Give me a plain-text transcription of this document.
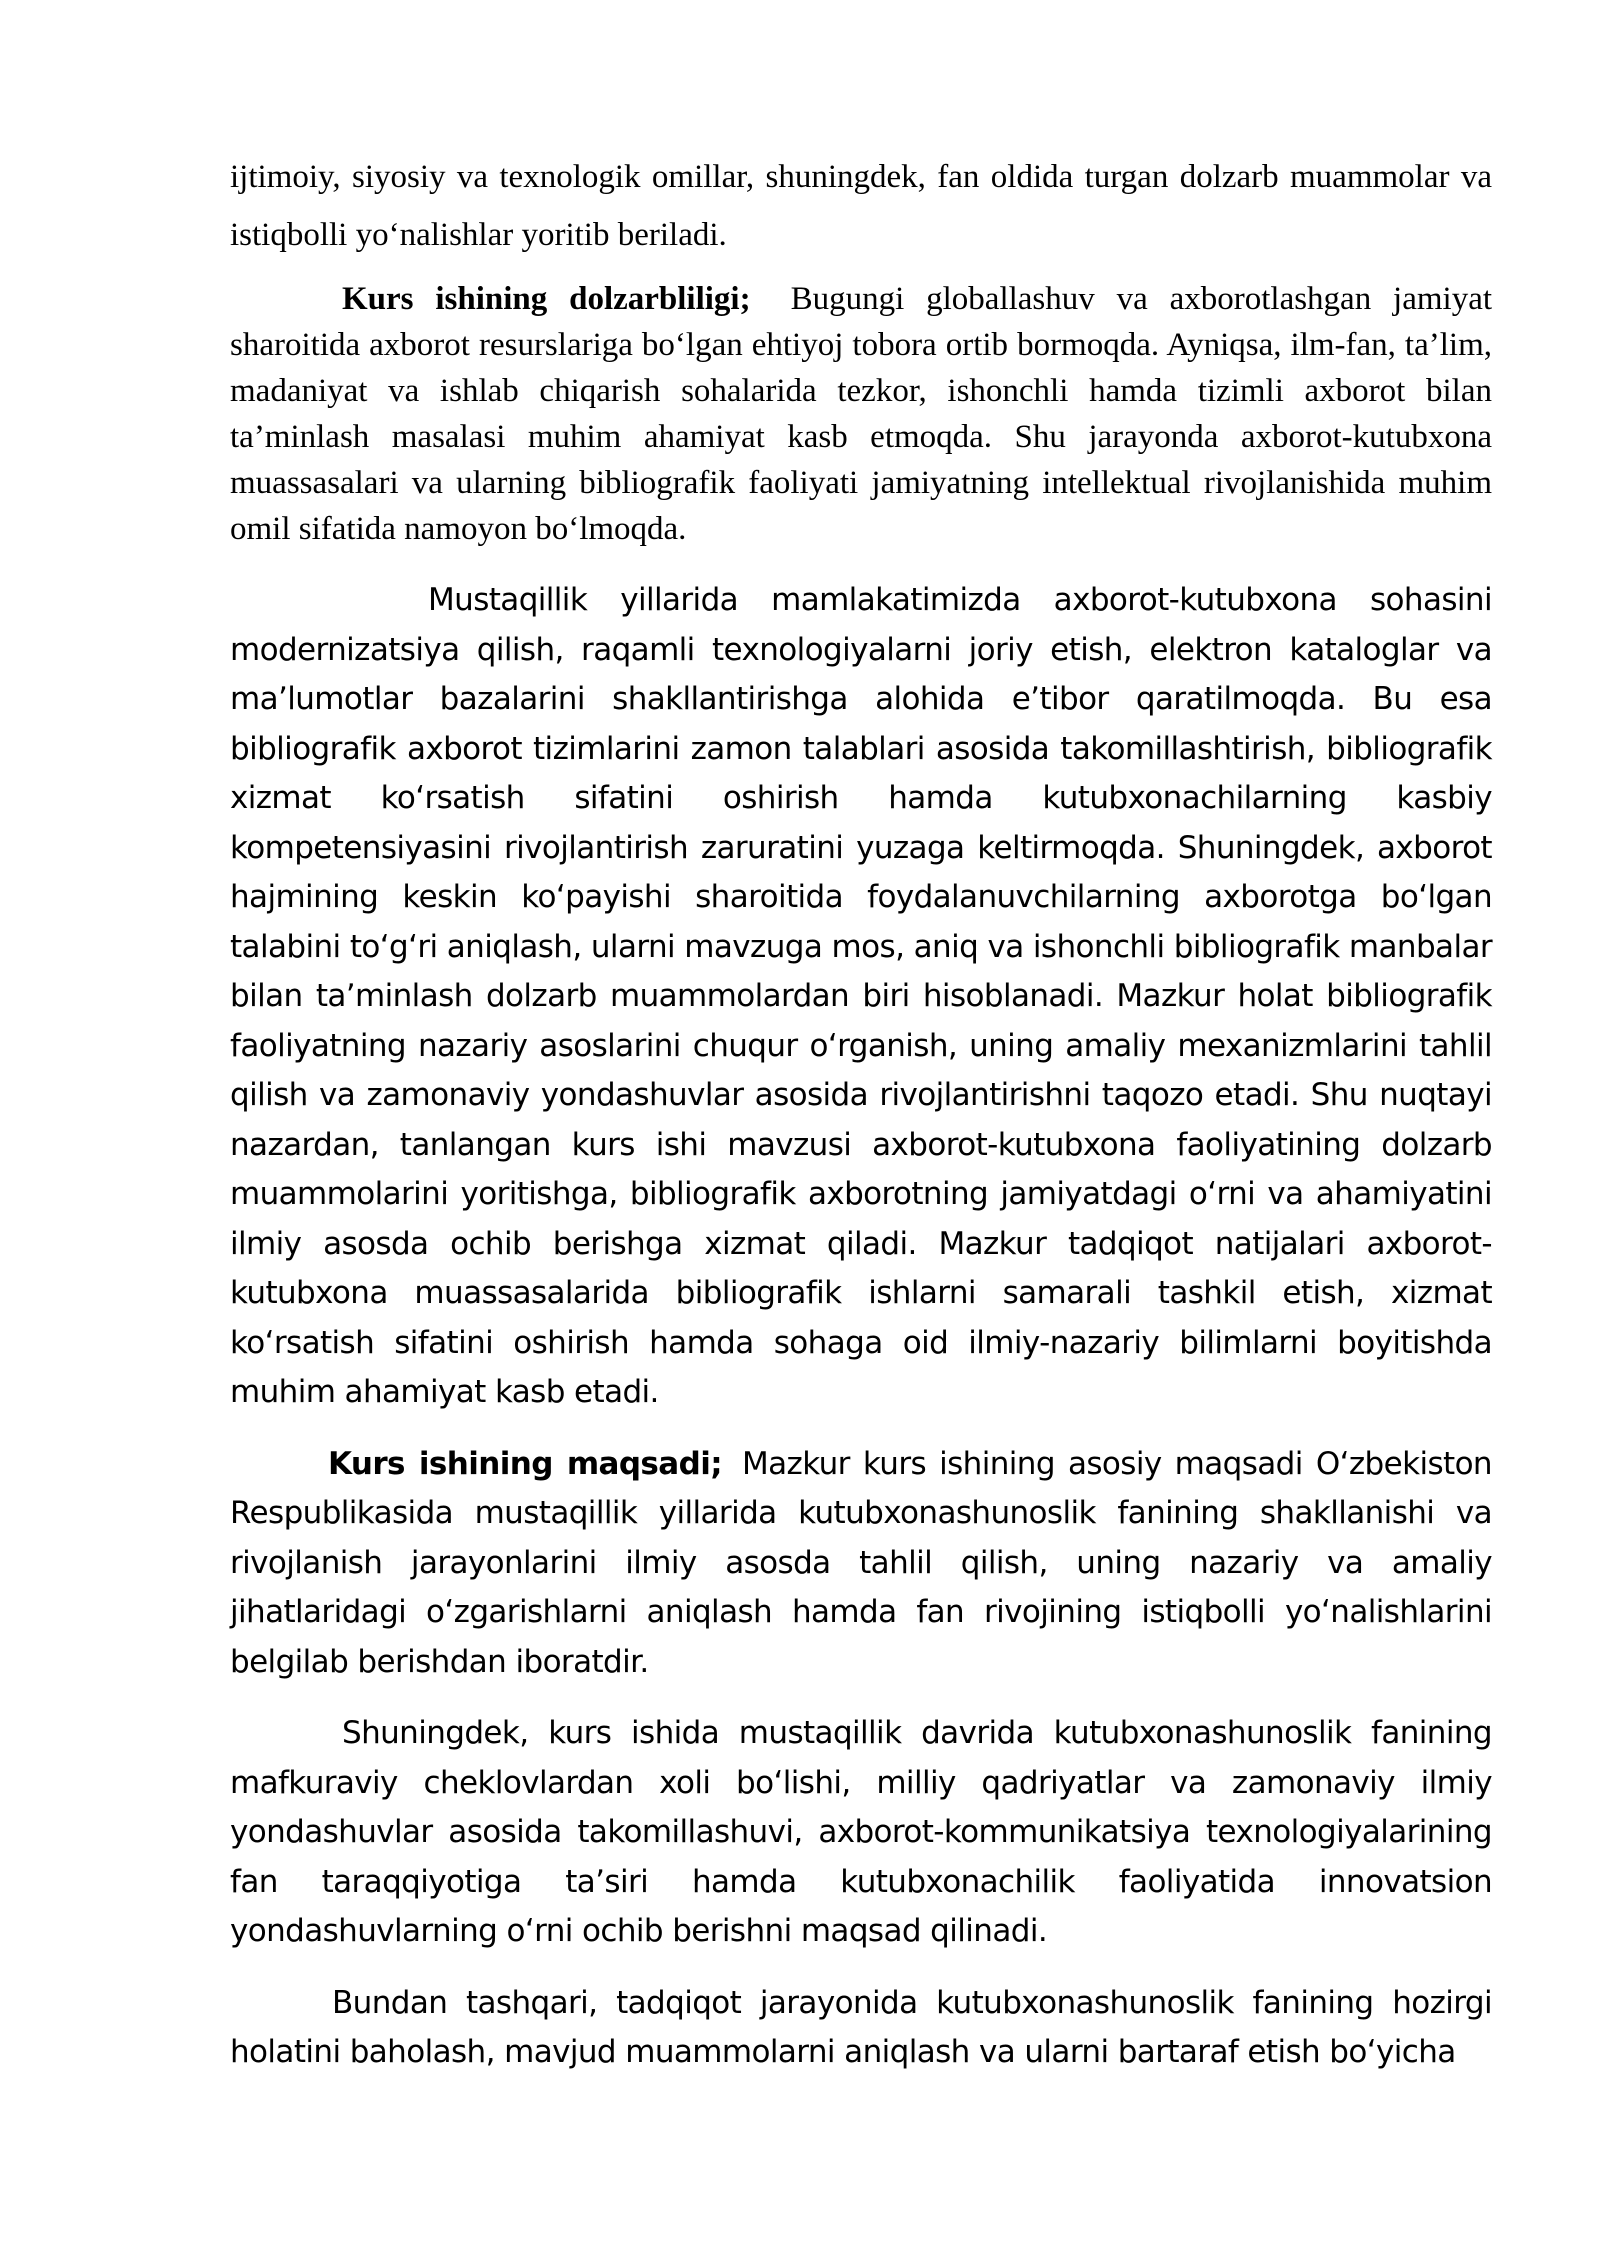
ijtimoiy, siyosiy va texnologik omillar, shuningdek, fan oldida turgan dolzarb muammolar va istiqbolli yo‘nalishlar yoritib beriladi.

Kurs ishining dolzarbliligi; Bugungi globallashuv va axborotlashgan jamiyat sharoitida axborot resurslariga bo‘lgan ehtiyoj tobora ortib bormoqda. Ayniqsa, ilm-fan, ta’lim, madaniyat va ishlab chiqarish sohalarida tezkor, ishonchli hamda tizimli axborot bilan ta’minlash masalasi muhim ahamiyat kasb etmoqda. Shu jarayonda axborot-kutubxona muassasalari va ularning bibliografik faoliyati jamiyatning intellektual rivojlanishida muhim omil sifatida namoyon bo‘lmoqda.

Mustaqillik yillarida mamlakatimizda axborot-kutubxona sohasini modernizatsiya qilish, raqamli texnologiyalarni joriy etish, elektron kataloglar va ma’lumotlar bazalarini shakllantirishga alohida e’tibor qaratilmoqda. Bu esa bibliografik axborot tizimlarini zamon talablari asosida takomillashtirish, bibliografik xizmat ko‘rsatish sifatini oshirish hamda kutubxonachilarning kasbiy kompetensiyasini rivojlantirish zaruratini yuzaga keltirmoqda. Shuningdek, axborot hajmining keskin ko‘payishi sharoitida foydalanuvchilarning axborotga bo‘lgan talabini to‘g‘ri aniqlash, ularni mavzuga mos, aniq va ishonchli bibliografik manbalar bilan ta’minlash dolzarb muammolardan biri hisoblanadi. Mazkur holat bibliografik faoliyatning nazariy asoslarini chuqur o‘rganish, uning amaliy mexanizmlarini tahlil qilish va zamonaviy yondashuvlar asosida rivojlantirishni taqozo etadi. Shu nuqtayi nazardan, tanlangan kurs ishi mavzusi axborot-kutubxona faoliyatining dolzarb muammolarini yoritishga, bibliografik axborotning jamiyatdagi o‘rni va ahamiyatini ilmiy asosda ochib berishga xizmat qiladi. Mazkur tadqiqot natijalari axborot-kutubxona muassasalarida bibliografik ishlarni samarali tashkil etish, xizmat ko‘rsatish sifatini oshirish hamda sohaga oid ilmiy-nazariy bilimlarni boyitishda muhim ahamiyat kasb etadi.

Kurs ishining maqsadi; Mazkur kurs ishining asosiy maqsadi O‘zbekiston Respublikasida mustaqillik yillarida kutubxonashunoslik fanining shakllanishi va rivojlanish jarayonlarini ilmiy asosda tahlil qilish, uning nazariy va amaliy jihatlaridagi o‘zgarishlarni aniqlash hamda fan rivojining istiqbolli yo‘nalishlarini belgilab berishdan iboratdir.

Shuningdek, kurs ishida mustaqillik davrida kutubxonashunoslik fanining mafkuraviy cheklovlardan xoli bo‘lishi, milliy qadriyatlar va zamonaviy ilmiy yondashuvlar asosida takomillashuvi, axborot-kommunikatsiya texnologiyalarining fan taraqqiyotiga ta’siri hamda kutubxonachilik faoliyatida innovatsion yondashuvlarning o‘rni ochib berishni maqsad qilinadi.

Bundan tashqari, tadqiqot jarayonida kutubxonashunoslik fanining hozirgi holatini baholash, mavjud muammolarni aniqlash va ularni bartaraf etish bo‘yicha
